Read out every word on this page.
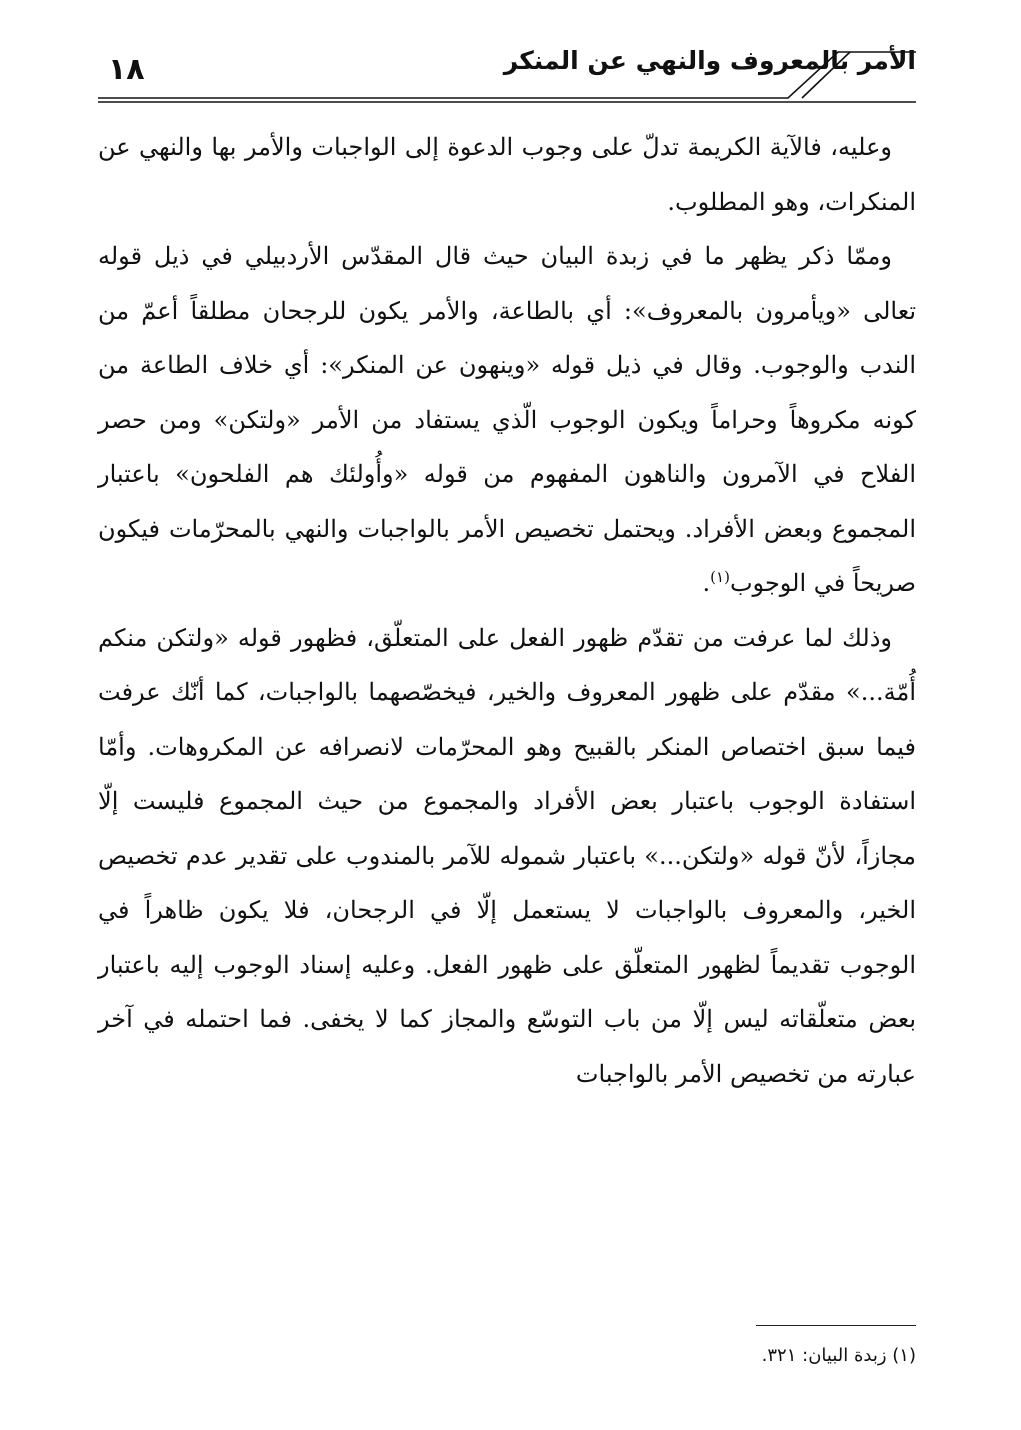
الأمر بالمعروف والنهي عن المنكر
١٨

وعليه، فالآية الكريمة تدلّ على وجوب الدعوة إلى الواجبات والأمر بها والنهي عن المنكرات، وهو المطلوب.

وممّا ذكر يظهر ما في زبدة البيان حيث قال المقدّس الأردبيلي في ذيل قوله تعالى «ويأمرون بالمعروف»: أي بالطاعة، والأمر يكون للرجحان مطلقاً أعمّ من الندب والوجوب. وقال في ذيل قوله «وينهون عن المنكر»: أي خلاف الطاعة من كونه مكروهاً وحراماً ويكون الوجوب الّذي يستفاد من الأمر «ولتكن» ومن حصر الفلاح في الآمرون والناهون المفهوم من قوله «وأُولئك هم الفلحون» باعتبار المجموع وبعض الأفراد. ويحتمل تخصيص الأمر بالواجبات والنهي بالمحرّمات فيكون صريحاً في الوجوب$^{(١)}$.

وذلك لما عرفت من تقدّم ظهور الفعل على المتعلّق، فظهور قوله «ولتكن منكم أُمّة...» مقدّم على ظهور المعروف والخير، فيخصّصهما بالواجبات، كما أنّك عرفت فيما سبق اختصاص المنكر بالقبيح وهو المحرّمات لانصرافه عن المكروهات. وأمّا استفادة الوجوب باعتبار بعض الأفراد والمجموع من حيث المجموع فليست إلّا مجازاً، لأنّ قوله «ولتكن...» باعتبار شموله للآمر بالمندوب على تقدير عدم تخصيص الخير، والمعروف بالواجبات لا يستعمل إلّا في الرجحان، فلا يكون ظاهراً في الوجوب تقديماً لظهور المتعلّق على ظهور الفعل. وعليه إسناد الوجوب إليه باعتبار بعض متعلّقاته ليس إلّا من باب التوسّع والمجاز كما لا يخفى. فما احتمله في آخر عبارته من تخصيص الأمر بالواجبات

(١) زبدة البيان: ٣٢١.
